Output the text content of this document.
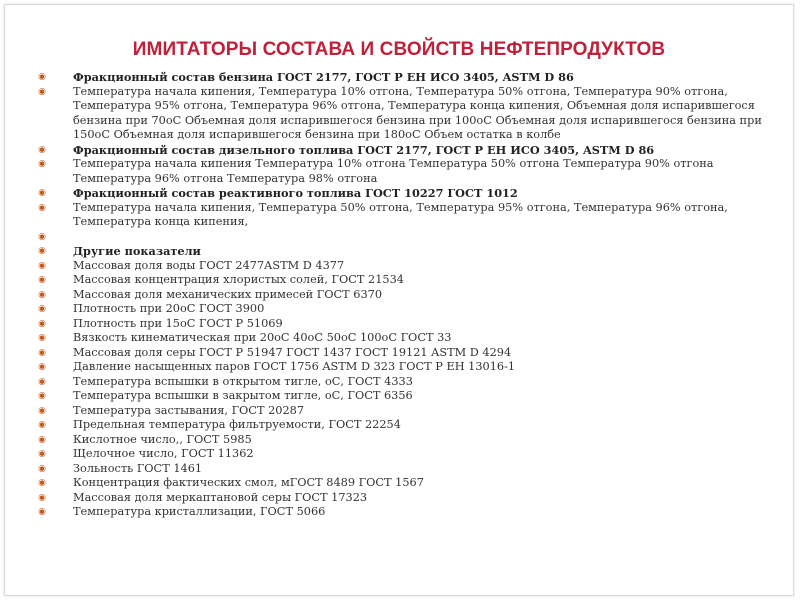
ИМИТАТОРЫ СОСТАВА И СВОЙСТВ НЕФТЕПРОДУКТОВ
◉ Фракционный состав бензина ГОСТ 2177, ГОСТ Р ЕН ИСО 3405, ASTM D 86
◉ Температура начала кипения, Температура 10% отгона, Температура 50% отгона, Температура 90% отгона, Температура 95% отгона, Температура 96% отгона, Температура конца кипения, Объемная доля испарившегося бензина при 70оС Объемная доля испарившегося бензина при 100оС Объемная доля испарившегося бензина при 150оС Объемная доля испарившегося бензина при 180оС Объем остатка в колбе
◉ Фракционный состав дизельного топлива ГОСТ 2177, ГОСТ Р ЕН ИСО 3405, ASTM D 86
◉ Температура начала кипения Температура 10% отгона Температура 50% отгона Температура 90% отгона Температура 96% отгона Температура 98% отгона
◉ Фракционный состав реактивного топлива ГОСТ 10227 ГОСТ 1012
◉ Температура начала кипения, Температура 50% отгона, Температура 95% отгона, Температура 96% отгона, Температура конца кипения,
◉

◉ Другие показатели
◉ Массовая доля воды ГОСТ 2477ASTM D 4377
◉ Массовая концентрация хлористых солей, ГОСТ 21534
◉ Массовая доля механических примесей ГОСТ 6370
◉ Плотность при 20оС ГОСТ 3900
◉ Плотность при 15оС ГОСТ Р 51069
◉ Вязкость кинематическая при 20оС 40оС 50оС 100оС ГОСТ 33
◉ Массовая доля серы ГОСТ Р 51947 ГОСТ 1437 ГОСТ 19121 ASTM D 4294
◉ Давление насыщенных паров ГОСТ 1756 ASTM D 323 ГОСТ Р ЕН 13016-1
◉ Температура вспышки в открытом тигле, оС, ГОСТ 4333
◉ Температура вспышки в закрытом тигле, оС, ГОСТ 6356
◉ Температура застывания, ГОСТ 20287
◉ Предельная температура фильтруемости, ГОСТ 22254
◉ Кислотное число,, ГОСТ 5985
◉ Щелочное число, ГОСТ 11362
◉ Зольность ГОСТ 1461
◉ Концентрация фактических смол, мГОСТ 8489 ГОСТ 1567
◉ Массовая доля меркаптановой серы ГОСТ 17323
◉ Температура кристаллизации, ГОСТ 5066
